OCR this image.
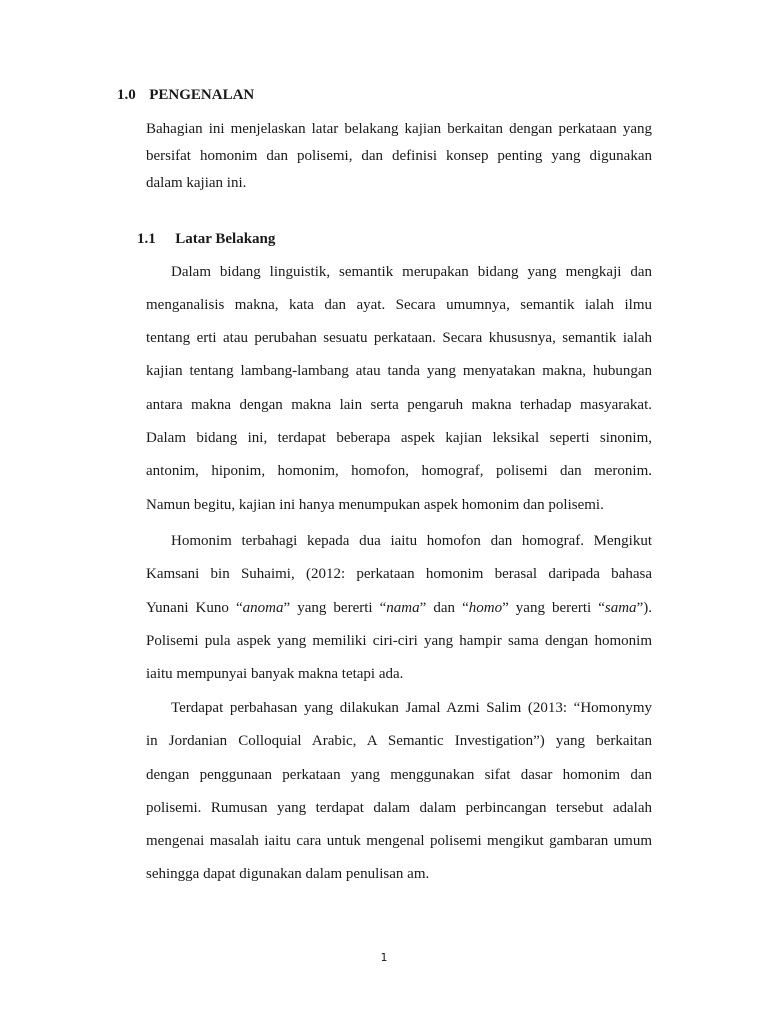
1.0 PENGENALAN
Bahagian ini menjelaskan latar belakang kajian berkaitan dengan perkataan yang
bersifat homonim dan polisemi, dan definisi konsep penting yang digunakan
dalam kajian ini.
1.1 Latar Belakang
Dalam bidang linguistik, semantik merupakan bidang yang mengkaji dan
menganalisis makna, kata dan ayat. Secara umumnya, semantik ialah ilmu
tentang erti atau perubahan sesuatu perkataan. Secara khususnya, semantik ialah
kajian tentang lambang-lambang atau tanda yang menyatakan makna, hubungan
antara makna dengan makna lain serta pengaruh makna terhadap masyarakat.
Dalam bidang ini, terdapat beberapa aspek kajian leksikal seperti sinonim,
antonim, hiponim, homonim, homofon, homograf, polisemi dan meronim.
Namun begitu, kajian ini hanya menumpukan aspek homonim dan polisemi.
Homonim terbahagi kepada dua iaitu homofon dan homograf. Mengikut
Kamsani bin Suhaimi, (2012: perkataan homonim berasal daripada bahasa
Yunani Kuno “anoma” yang bererti “nama” dan “homo” yang bererti “sama”).
Polisemi pula aspek yang memiliki ciri-ciri yang hampir sama dengan homonim
iaitu mempunyai banyak makna tetapi ada.
Terdapat perbahasan yang dilakukan Jamal Azmi Salim (2013: “Homonymy
in Jordanian Colloquial Arabic, A Semantic Investigation”) yang berkaitan
dengan penggunaan perkataan yang menggunakan sifat dasar homonim dan
polisemi. Rumusan yang terdapat dalam dalam perbincangan tersebut adalah
mengenai masalah iaitu cara untuk mengenal polisemi mengikut gambaran umum
sehingga dapat digunakan dalam penulisan am.
1
